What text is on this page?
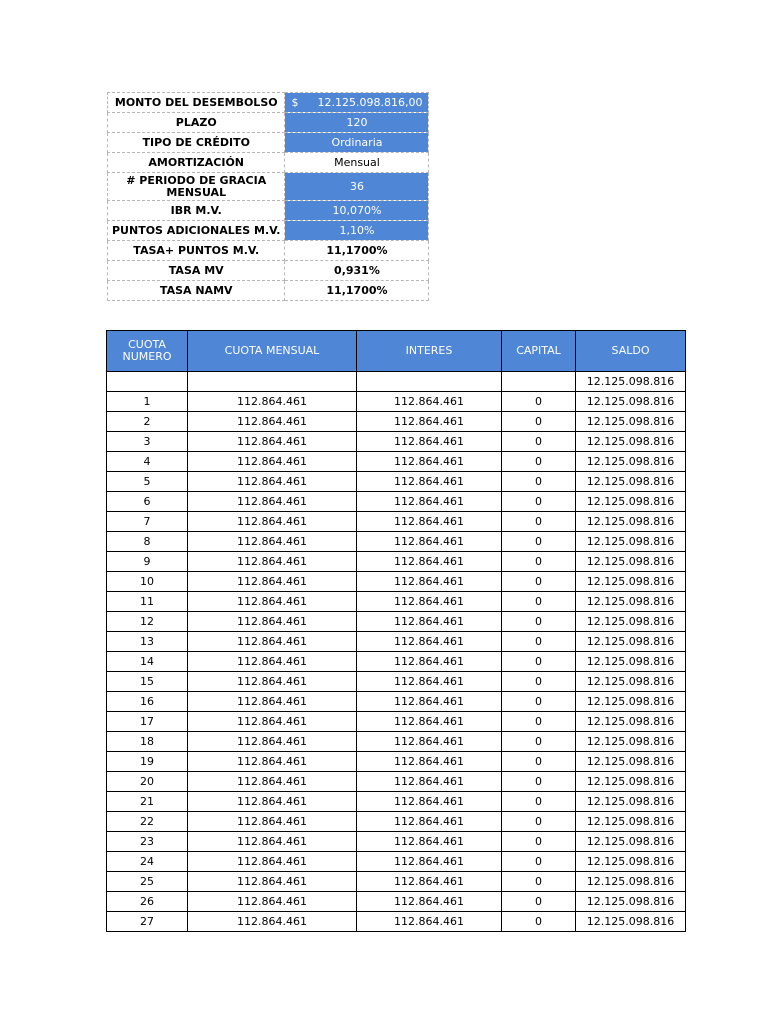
MONTO DEL DESEMBOLSO	$ 12.125.098.816,00
PLAZO	120
TIPO DE CRÉDITO	Ordinaria
AMORTIZACIÓN	Mensual
# PERIODO DE GRACIA MENSUAL	36
IBR M.V.	10,070%
PUNTOS ADICIONALES M.V.	1,10%
TASA+ PUNTOS M.V.	11,1700%
TASA MV	0,931%
TASA NAMV	11,1700%
CUOTA NUMERO	CUOTA MENSUAL	INTERES	CAPITAL	SALDO
				12.125.098.816
1	112.864.461	112.864.461	0	12.125.098.816
2	112.864.461	112.864.461	0	12.125.098.816
3	112.864.461	112.864.461	0	12.125.098.816
4	112.864.461	112.864.461	0	12.125.098.816
5	112.864.461	112.864.461	0	12.125.098.816
6	112.864.461	112.864.461	0	12.125.098.816
7	112.864.461	112.864.461	0	12.125.098.816
8	112.864.461	112.864.461	0	12.125.098.816
9	112.864.461	112.864.461	0	12.125.098.816
10	112.864.461	112.864.461	0	12.125.098.816
11	112.864.461	112.864.461	0	12.125.098.816
12	112.864.461	112.864.461	0	12.125.098.816
13	112.864.461	112.864.461	0	12.125.098.816
14	112.864.461	112.864.461	0	12.125.098.816
15	112.864.461	112.864.461	0	12.125.098.816
16	112.864.461	112.864.461	0	12.125.098.816
17	112.864.461	112.864.461	0	12.125.098.816
18	112.864.461	112.864.461	0	12.125.098.816
19	112.864.461	112.864.461	0	12.125.098.816
20	112.864.461	112.864.461	0	12.125.098.816
21	112.864.461	112.864.461	0	12.125.098.816
22	112.864.461	112.864.461	0	12.125.098.816
23	112.864.461	112.864.461	0	12.125.098.816
24	112.864.461	112.864.461	0	12.125.098.816
25	112.864.461	112.864.461	0	12.125.098.816
26	112.864.461	112.864.461	0	12.125.098.816
27	112.864.461	112.864.461	0	12.125.098.816
